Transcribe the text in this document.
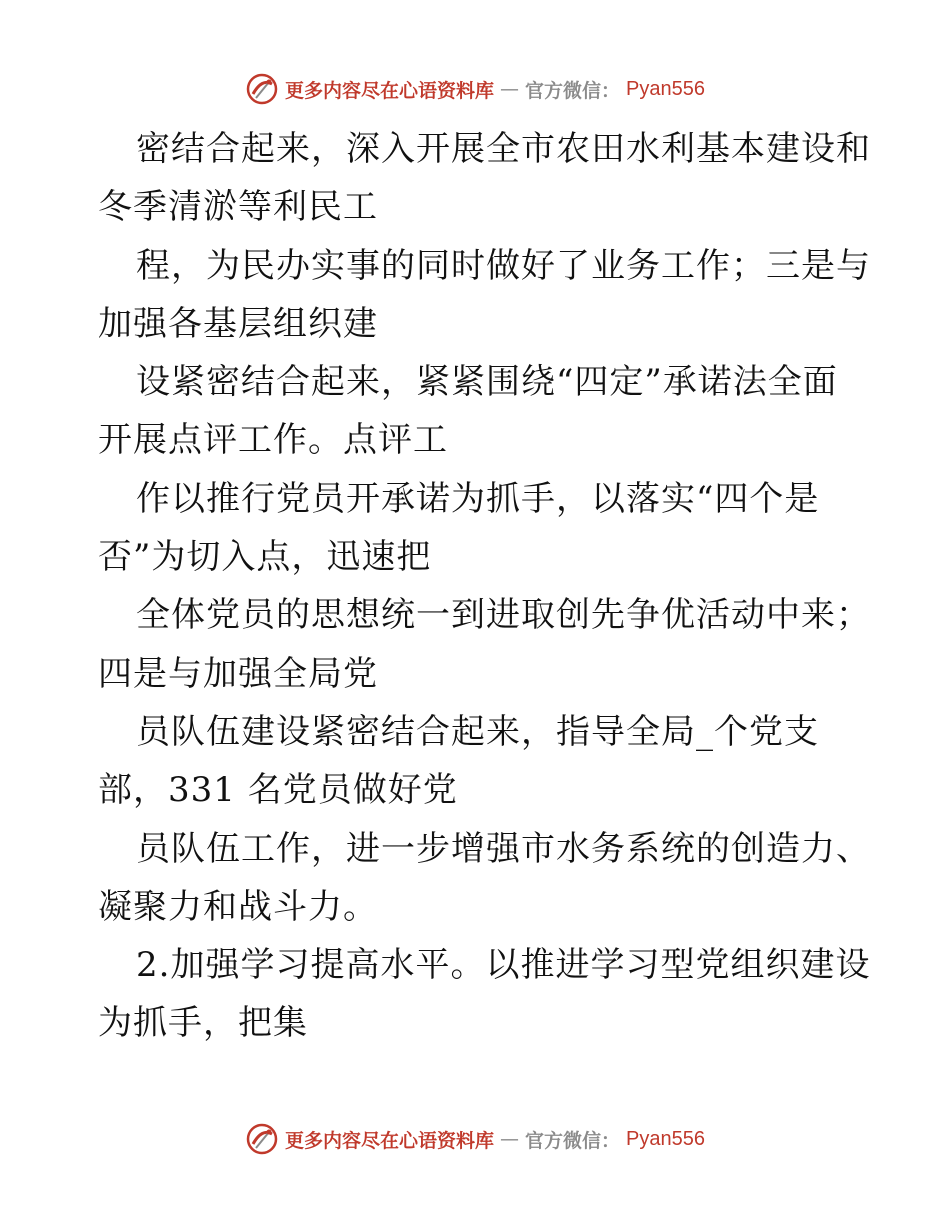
更多内容尽在心语资料库 — 官方微信： Pyan556
密结合起来，深入开展全市农田水利基本建设和
冬季清淤等利民工
程，为民办实事的同时做好了业务工作；三是与
加强各基层组织建
设紧密结合起来，紧紧围绕“四定”承诺法全面
开展点评工作。点评工
作以推行党员开承诺为抓手，以落实“四个是
否”为切入点，迅速把
全体党员的思想统一到进取创先争优活动中来；
四是与加强全局党
员队伍建设紧密结合起来，指导全局_个党支
部，331 名党员做好党
员队伍工作，进一步增强市水务系统的创造力、
凝聚力和战斗力。
2.加强学习提高水平。以推进学习型党组织建设
为抓手，把集
更多内容尽在心语资料库 — 官方微信： Pyan556
